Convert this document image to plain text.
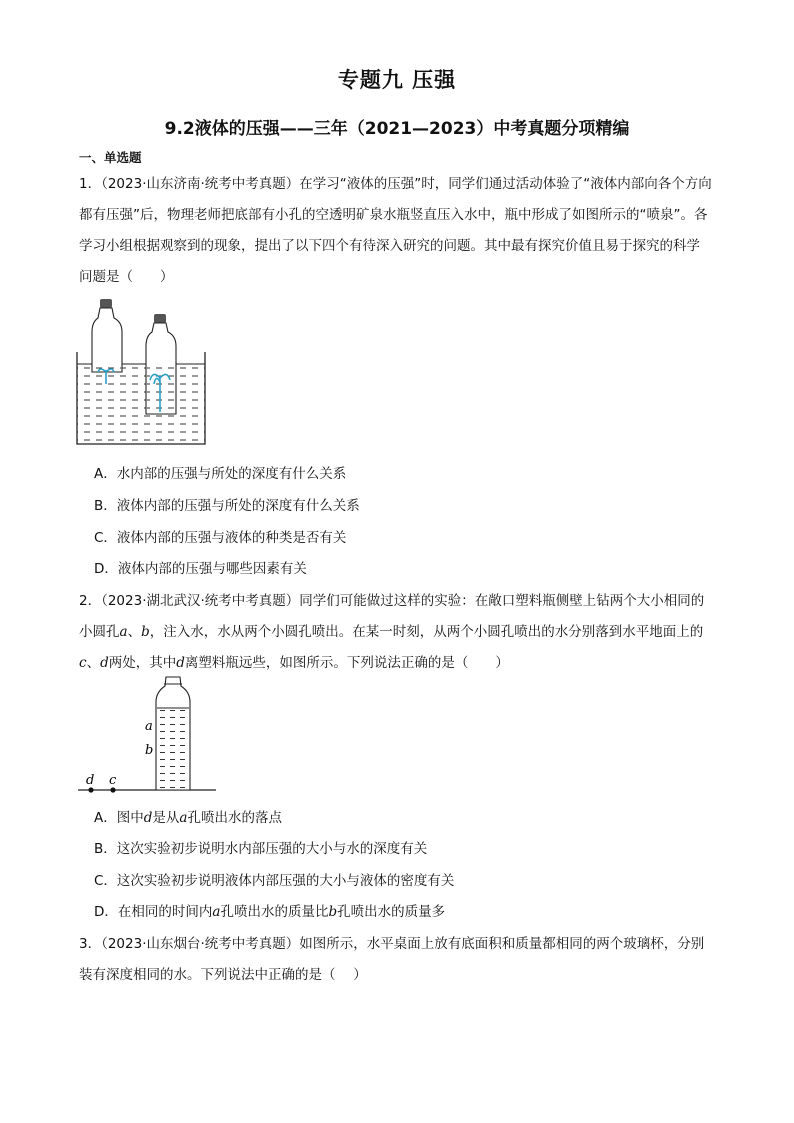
专题九 压强
9.2液体的压强——三年（2021—2023）中考真题分项精编
一、单选题
1．（2023·山东济南·统考中考真题）在学习“液体的压强”时，同学们通过活动体验了“液体内部向各个方向
都有压强”后，物理老师把底部有小孔的空透明矿泉水瓶竖直压入水中，瓶中形成了如图所示的“喷泉”。各
学习小组根据观察到的现象，提出了以下四个有待深入研究的问题。其中最有探究价值且易于探究的科学
问题是（　　）
A．水内部的压强与所处的深度有什么关系
B．液体内部的压强与所处的深度有什么关系
C．液体内部的压强与液体的种类是否有关
D．液体内部的压强与哪些因素有关
2．（2023·湖北武汉·统考中考真题）同学们可能做过这样的实验：在敞口塑料瓶侧壁上钻两个大小相同的
小圆孔a、b，注入水，水从两个小圆孔喷出。在某一时刻，从两个小圆孔喷出的水分别落到水平地面上的
c、d两处，其中d离塑料瓶远些，如图所示。下列说法正确的是（　　）
a
b
d c
A．图中d是从a孔喷出水的落点
B．这次实验初步说明水内部压强的大小与水的深度有关
C．这次实验初步说明液体内部压强的大小与液体的密度有关
D．在相同的时间内a孔喷出水的质量比b孔喷出水的质量多
3．（2023·山东烟台·统考中考真题）如图所示，水平桌面上放有底面积和质量都相同的两个玻璃杯，分别
装有深度相同的水。下列说法中正确的是（　 ）
